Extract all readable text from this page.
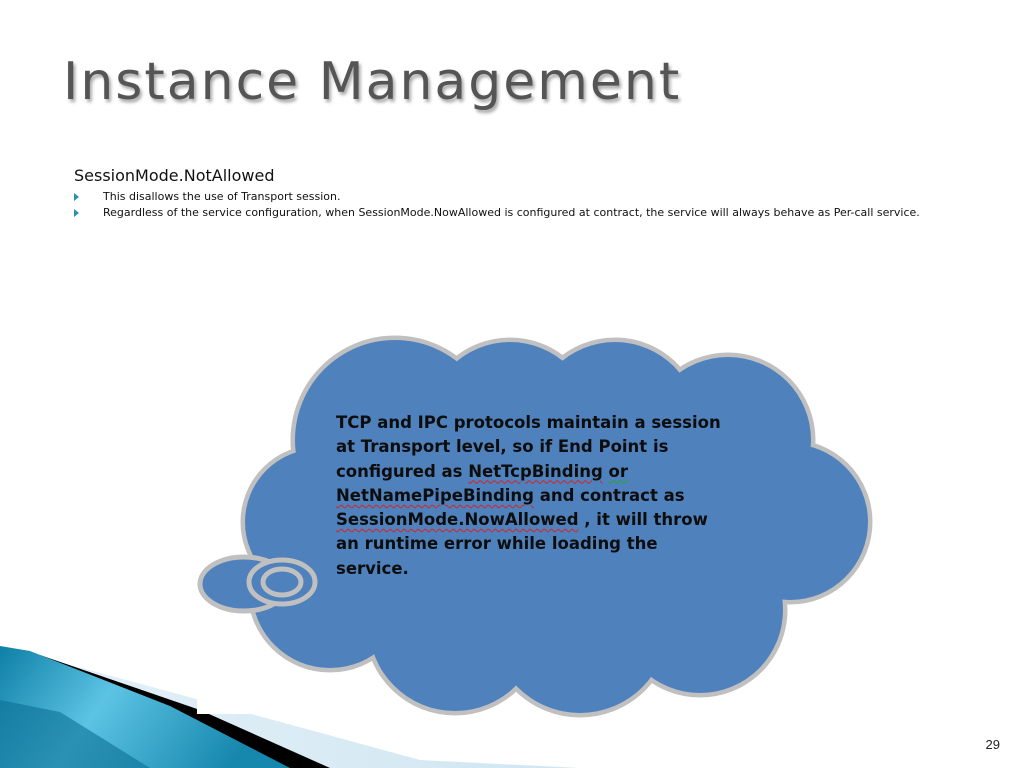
Instance Management

SessionMode.NotAllowed

This disallows the use of Transport session.
Regardless of the service configuration, when SessionMode.NowAllowed is configured at contract, the service will always behave as Per-call service.

TCP and IPC protocols maintain a session at Transport level, so if End Point is configured as NetTcpBinding or NetNamePipeBinding and contract as SessionMode.NowAllowed , it will throw an runtime error while loading the service.

29
